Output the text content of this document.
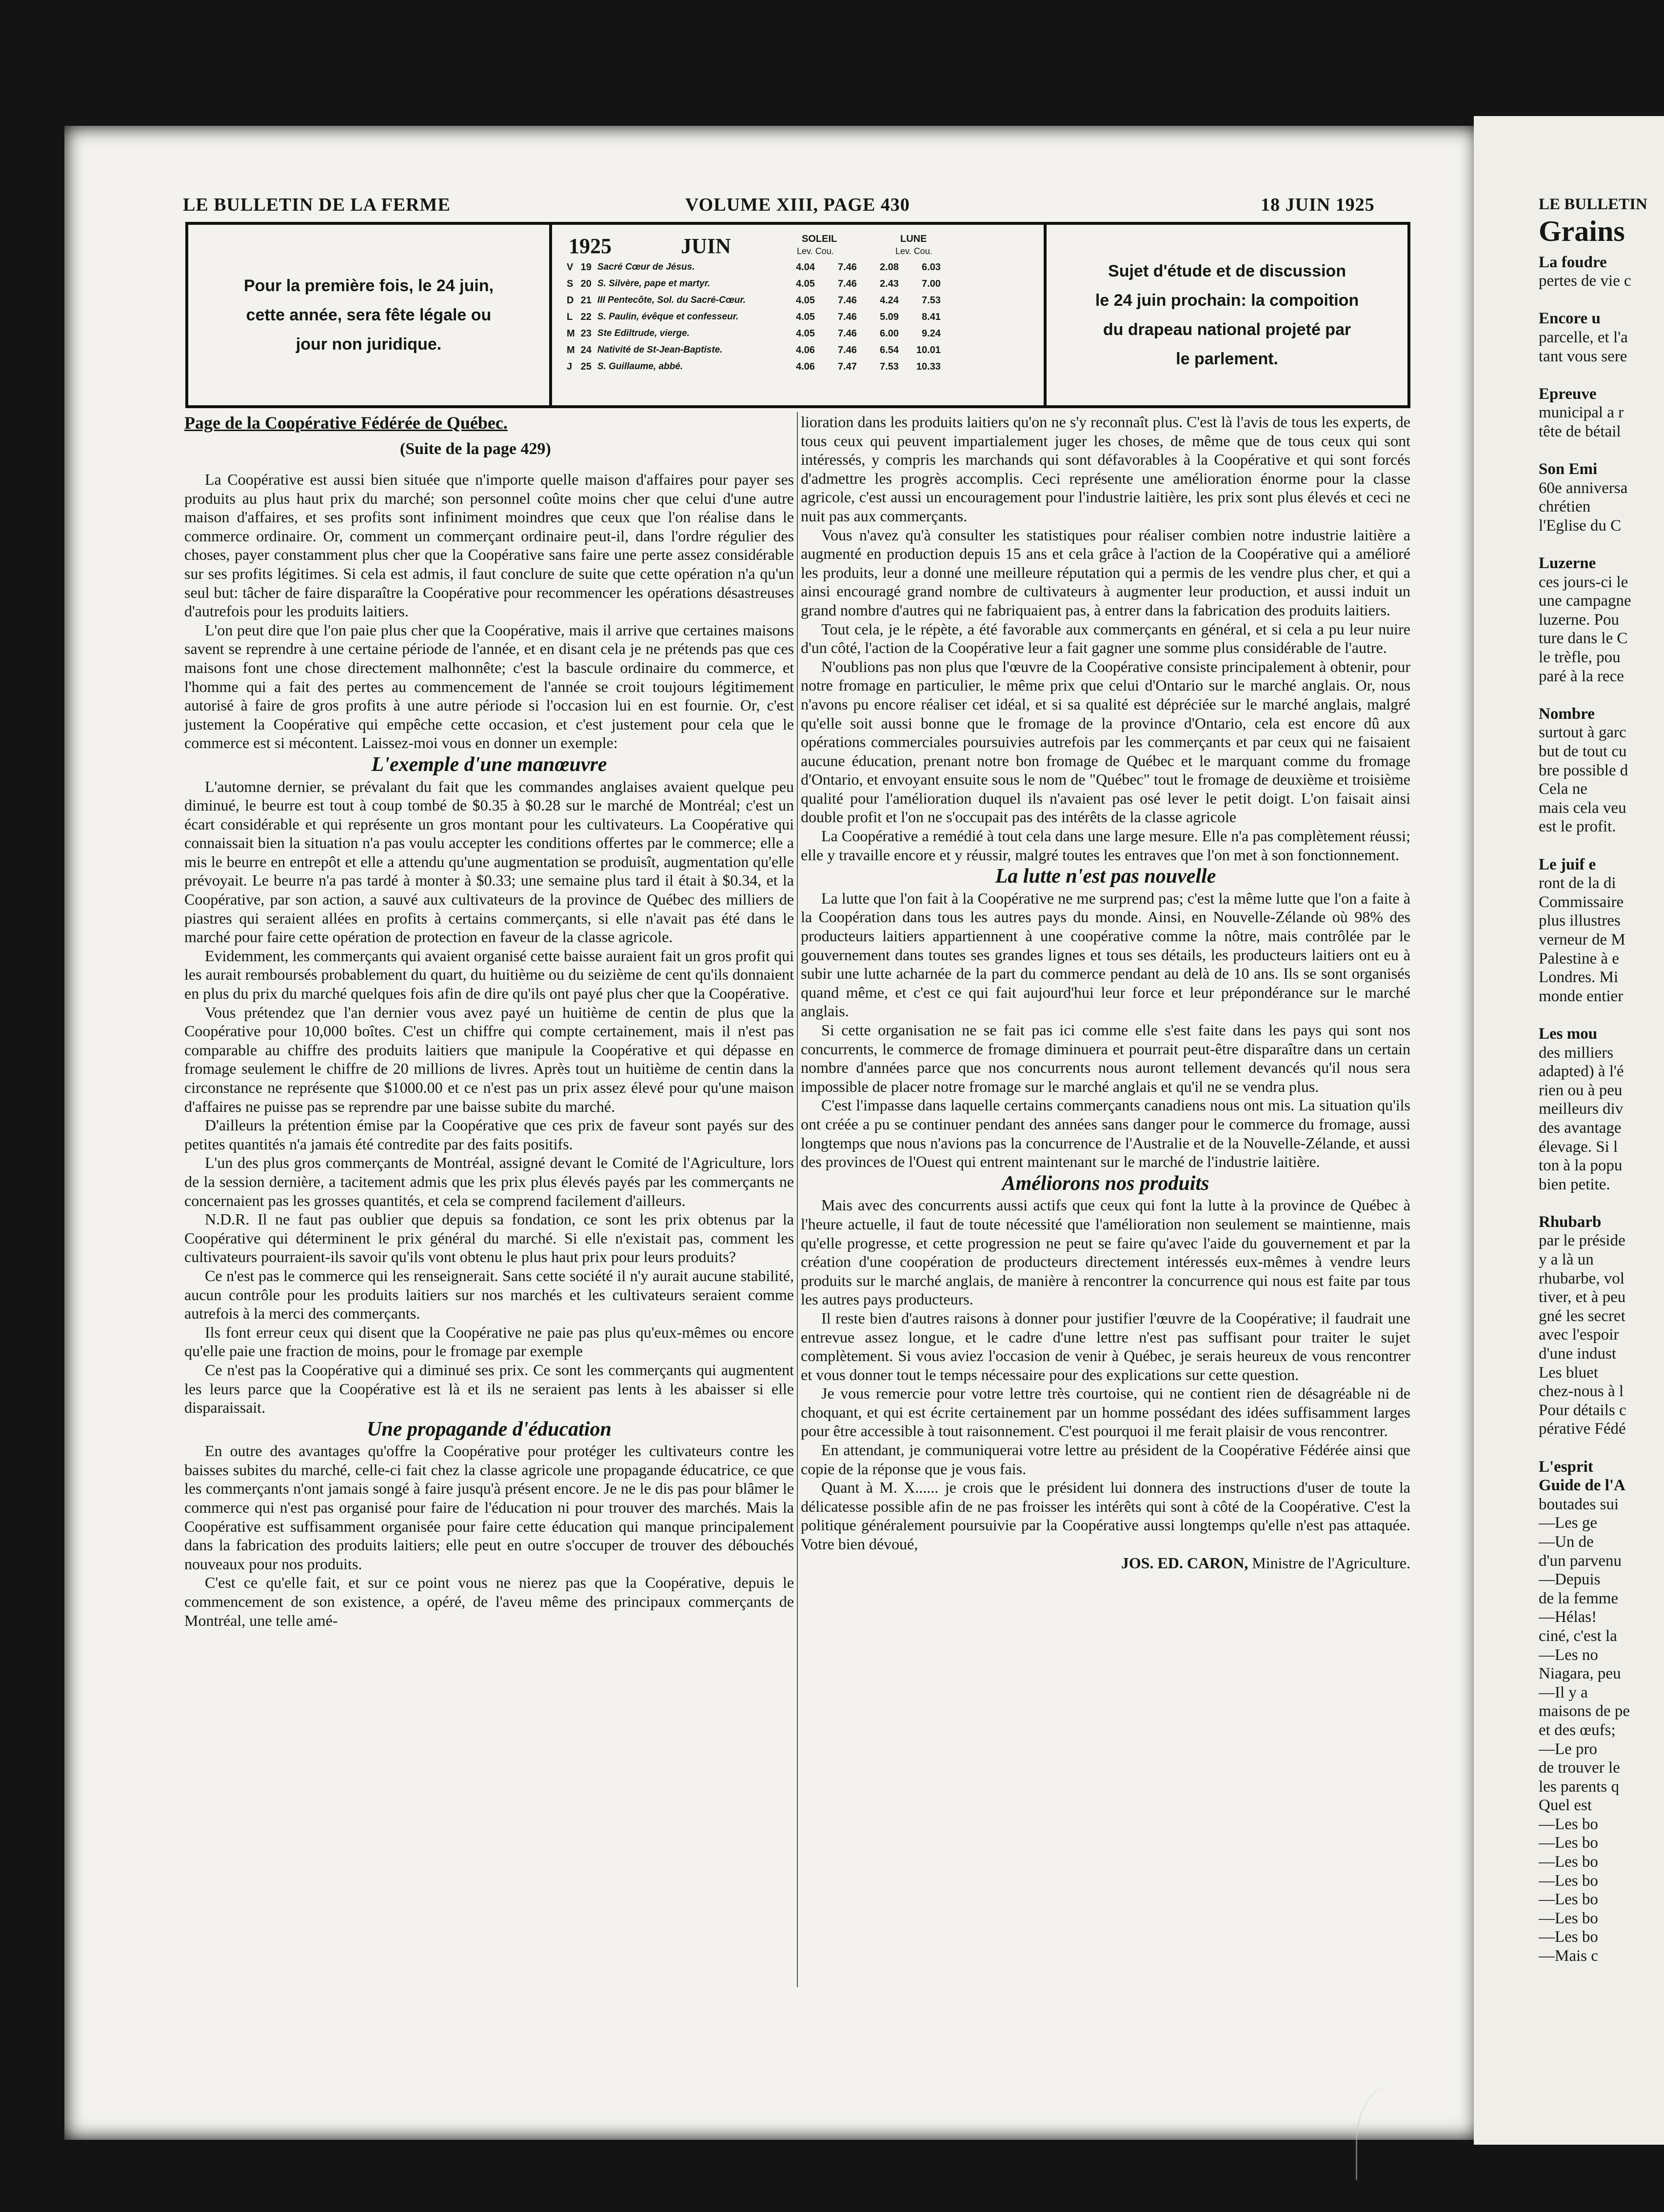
LE BULLETIN DE LA FERME	VOLUME XIII, PAGE 430	18 JUIN 1925
Pour la première fois, le 24 juin,
cette année, sera fête légale ou
jour non juridique.
1925	JUIN	SOLEIL	LUNE
Lev. Cou.	Lev. Cou.
V	19	Sacré Cœur de Jésus.	4.04	7.46	2.08	6.03
S	20	S. Silvère, pape et martyr.	4.05	7.46	2.43	7.00
D	21	III Pentecôte, Sol. du Sacré-Cœur.	4.05	7.46	4.24	7.53
L	22	S. Paulin, évêque et confesseur.	4.05	7.46	5.09	8.41
M	23	Ste Ediltrude, vierge.	4.05	7.46	6.00	9.24
M	24	Nativité de St-Jean-Baptiste.	4.06	7.46	6.54	10.01
J	25	S. Guillaume, abbé.	4.06	7.47	7.53	10.33
Sujet d'étude et de discussion
le 24 juin prochain: la compoition
du drapeau national projeté par
le parlement.
Page de la Coopérative Fédérée de Québec.
(Suite de la page 429)

La Coopérative est aussi bien située que n'importe quelle maison d'affaires pour payer ses produits au plus haut prix du marché; son personnel coûte moins cher que celui d'une autre maison d'affaires, et ses profits sont infiniment moindres que ceux que l'on réalise dans le commerce ordinaire. Or, comment un commerçant ordinaire peut-il, dans l'ordre régulier des choses, payer constamment plus cher que la Coopérative sans faire une perte assez considérable sur ses profits légitimes. Si cela est admis, il faut conclure de suite que cette opération n'a qu'un seul but: tâcher de faire disparaître la Coopérative pour recommencer les opérations désastreuses d'autrefois pour les produits laitiers.

L'on peut dire que l'on paie plus cher que la Coopérative, mais il arrive que certaines maisons savent se reprendre à une certaine période de l'année, et en disant cela je ne prétends pas que ces maisons font une chose directement malhonnête; c'est la bascule ordinaire du commerce, et l'homme qui a fait des pertes au commencement de l'année se croit toujours légitimement autorisé à faire de gros profits à une autre période si l'occasion lui en est fournie. Or, c'est justement la Coopérative qui empêche cette occasion, et c'est justement pour cela que le commerce est si mécontent. Laissez-moi vous en donner un exemple:

L'exemple d'une manœuvre

L'automne dernier, se prévalant du fait que les commandes anglaises avaient quelque peu diminué, le beurre est tout à coup tombé de $0.35 à $0.28 sur le marché de Montréal; c'est un écart considérable et qui représente un gros montant pour les cultivateurs. La Coopérative qui connaissait bien la situation n'a pas voulu accepter les conditions offertes par le commerce; elle a mis le beurre en entrepôt et elle a attendu qu'une augmentation se produisît, augmentation qu'elle prévoyait. Le beurre n'a pas tardé à monter à $0.33; une semaine plus tard il était à $0.34, et la Coopérative, par son action, a sauvé aux cultivateurs de la province de Québec des milliers de piastres qui seraient allées en profits à certains commerçants, si elle n'avait pas été dans le marché pour faire cette opération de protection en faveur de la classe agricole.

Evidemment, les commerçants qui avaient organisé cette baisse auraient fait un gros profit qui les aurait remboursés probablement du quart, du huitième ou du seizième de cent qu'ils donnaient en plus du prix du marché quelques fois afin de dire qu'ils ont payé plus cher que la Coopérative.

Vous prétendez que l'an dernier vous avez payé un huitième de centin de plus que la Coopérative pour 10,000 boîtes. C'est un chiffre qui compte certainement, mais il n'est pas comparable au chiffre des produits laitiers que manipule la Coopérative et qui dépasse en fromage seulement le chiffre de 20 millions de livres. Après tout un huitième de centin dans la circonstance ne représente que $1000.00 et ce n'est pas un prix assez élevé pour qu'une maison d'affaires ne puisse pas se reprendre par une baisse subite du marché.

D'ailleurs la prétention émise par la Coopérative que ces prix de faveur sont payés sur des petites quantités n'a jamais été contredite par des faits positifs.

L'un des plus gros commerçants de Montréal, assigné devant le Comité de l'Agriculture, lors de la session dernière, a tacitement admis que les prix plus élevés payés par les commerçants ne concernaient pas les grosses quantités, et cela se comprend facilement d'ailleurs.

N.D.R. Il ne faut pas oublier que depuis sa fondation, ce sont les prix obtenus par la Coopérative qui déterminent le prix général du marché. Si elle n'existait pas, comment les cultivateurs pourraient-ils savoir qu'ils vont obtenu le plus haut prix pour leurs produits?

Ce n'est pas le commerce qui les renseignerait. Sans cette société il n'y aurait aucune stabilité, aucun contrôle pour les produits laitiers sur nos marchés et les cultivateurs seraient comme autrefois à la merci des commerçants.

Ils font erreur ceux qui disent que la Coopérative ne paie pas plus qu'eux-mêmes ou encore qu'elle paie une fraction de moins, pour le fromage par exemple

Ce n'est pas la Coopérative qui a diminué ses prix. Ce sont les commerçants qui augmentent les leurs parce que la Coopérative est là et ils ne seraient pas lents à les abaisser si elle disparaissait.

Une propagande d'éducation

En outre des avantages qu'offre la Coopérative pour protéger les cultivateurs contre les baisses subites du marché, celle-ci fait chez la classe agricole une propagande éducatrice, ce que les commerçants n'ont jamais songé à faire jusqu'à présent encore. Je ne le dis pas pour blâmer le commerce qui n'est pas organisé pour faire de l'éducation ni pour trouver des marchés. Mais la Coopérative est suffisamment organisée pour faire cette éducation qui manque principalement dans la fabrication des produits laitiers; elle peut en outre s'occuper de trouver des débouchés nouveaux pour nos produits.

C'est ce qu'elle fait, et sur ce point vous ne nierez pas que la Coopérative, depuis le commencement de son existence, a opéré, de l'aveu même des principaux commerçants de Montréal, une telle amé-

lioration dans les produits laitiers qu'on ne s'y reconnaît plus. C'est là l'avis de tous les experts, de tous ceux qui peuvent impartialement juger les choses, de même que de tous ceux qui sont intéressés, y compris les marchands qui sont défavorables à la Coopérative et qui sont forcés d'admettre les progrès accomplis. Ceci représente une amélioration énorme pour la classe agricole, c'est aussi un encouragement pour l'industrie laitière, les prix sont plus élevés et ceci ne nuit pas aux commerçants.

Vous n'avez qu'à consulter les statistiques pour réaliser combien notre industrie laitière a augmenté en production depuis 15 ans et cela grâce à l'action de la Coopérative qui a amélioré les produits, leur a donné une meilleure réputation qui a permis de les vendre plus cher, et qui a ainsi encouragé grand nombre de cultivateurs à augmenter leur production, et aussi induit un grand nombre d'autres qui ne fabriquaient pas, à entrer dans la fabrication des produits laitiers.

Tout cela, je le répète, a été favorable aux commerçants en général, et si cela a pu leur nuire d'un côté, l'action de la Coopérative leur a fait gagner une somme plus considérable de l'autre.

N'oublions pas non plus que l'œuvre de la Coopérative consiste principalement à obtenir, pour notre fromage en particulier, le même prix que celui d'Ontario sur le marché anglais. Or, nous n'avons pu encore réaliser cet idéal, et si sa qualité est dépréciée sur le marché anglais, malgré qu'elle soit aussi bonne que le fromage de la province d'Ontario, cela est encore dû aux opérations commerciales poursuivies autrefois par les commerçants et par ceux qui ne faisaient aucune éducation, prenant notre bon fromage de Québec et le marquant comme du fromage d'Ontario, et envoyant ensuite sous le nom de "Québec" tout le fromage de deuxième et troisième qualité pour l'amélioration duquel ils n'avaient pas osé lever le petit doigt. L'on faisait ainsi double profit et l'on ne s'occupait pas des intérêts de la classe agricole

La Coopérative a remédié à tout cela dans une large mesure. Elle n'a pas complètement réussi; elle y travaille encore et y réussir, malgré toutes les entraves que l'on met à son fonctionnement.

La lutte n'est pas nouvelle

La lutte que l'on fait à la Coopérative ne me surprend pas; c'est la même lutte que l'on a faite à la Coopération dans tous les autres pays du monde. Ainsi, en Nouvelle-Zélande où 98% des producteurs laitiers appartiennent à une coopérative comme la nôtre, mais contrôlée par le gouvernement dans toutes ses grandes lignes et tous ses détails, les producteurs laitiers ont eu à subir une lutte acharnée de la part du commerce pendant au delà de 10 ans. Ils se sont organisés quand même, et c'est ce qui fait aujourd'hui leur force et leur prépondérance sur le marché anglais.

Si cette organisation ne se fait pas ici comme elle s'est faite dans les pays qui sont nos concurrents, le commerce de fromage diminuera et pourrait peut-être disparaître dans un certain nombre d'années parce que nos concurrents nous auront tellement devancés qu'il nous sera impossible de placer notre fromage sur le marché anglais et qu'il ne se vendra plus.

C'est l'impasse dans laquelle certains commerçants canadiens nous ont mis. La situation qu'ils ont créée a pu se continuer pendant des années sans danger pour le commerce du fromage, aussi longtemps que nous n'avions pas la concurrence de l'Australie et de la Nouvelle-Zélande, et aussi des provinces de l'Ouest qui entrent maintenant sur le marché de l'industrie laitière.

Améliorons nos produits

Mais avec des concurrents aussi actifs que ceux qui font la lutte à la province de Québec à l'heure actuelle, il faut de toute nécessité que l'amélioration non seulement se maintienne, mais qu'elle progresse, et cette progression ne peut se faire qu'avec l'aide du gouvernement et par la création d'une coopération de producteurs directement intéressés eux-mêmes à vendre leurs produits sur le marché anglais, de manière à rencontrer la concurrence qui nous est faite par tous les autres pays producteurs.

Il reste bien d'autres raisons à donner pour justifier l'œuvre de la Coopérative; il faudrait une entrevue assez longue, et le cadre d'une lettre n'est pas suffisant pour traiter le sujet complètement. Si vous aviez l'occasion de venir à Québec, je serais heureux de vous rencontrer et vous donner tout le temps nécessaire pour des explications sur cette question.

Je vous remercie pour votre lettre très courtoise, qui ne contient rien de désagréable ni de choquant, et qui est écrite certainement par un homme possédant des idées suffisamment larges pour être accessible à tout raisonnement. C'est pourquoi il me ferait plaisir de vous rencontrer.

En attendant, je communiquerai votre lettre au président de la Coopérative Fédérée ainsi que copie de la réponse que je vous fais.

Quant à M. X...... je crois que le président lui donnera des instructions d'user de toute la délicatesse possible afin de ne pas froisser les intérêts qui sont à côté de la Coopérative. C'est la politique généralement poursuivie par la Coopérative aussi longtemps qu'elle n'est pas attaquée. Votre bien dévoué,

JOS. ED. CARON, Ministre de l'Agriculture.

LE BULLETIN
Grains
La foudre
pertes de vie c

Encore u
parcelle, et l'a
tant vous sere

Epreuve
municipal a r
tête de bétail

Son Emi
60e anniversa
chrétien
l'Eglise du C

Luzerne
ces jours-ci le
une campagne
luzerne. Pou
ture dans le C
le trèfle, pou
paré à la rece

Nombre
surtout à garc
but de tout cu
bre possible d
Cela ne
mais cela veu
est le profit.

Le juif e
ront de la di
Commissaire
plus illustres
verneur de M
Palestine à e
Londres. Mi
monde entier

Les mou
des milliers
adapted) à l'é
rien ou à peu
meilleurs div
des avantage
élevage. Si l
ton à la popu
bien petite.

Rhubarb
par le préside
y a là un
rhubarbe, vol
tiver, et à peu
gné les secret
avec l'espoir
d'une indust
Les bluet
chez-nous à l
Pour détails c
pérative Fédé

L'esprit
Guide de l'A
boutades sui
—Les ge
—Un de
d'un parvenu
—Depuis
de la femme
—Hélas!
ciné, c'est la
—Les no
Niagara, peu
—Il y a
maisons de pe
et des œufs;
—Le pro
de trouver le
les parents q
Quel est
—Les bo
—Les bo
—Les bo
—Les bo
—Les bo
—Les bo
—Les bo
—Mais c
